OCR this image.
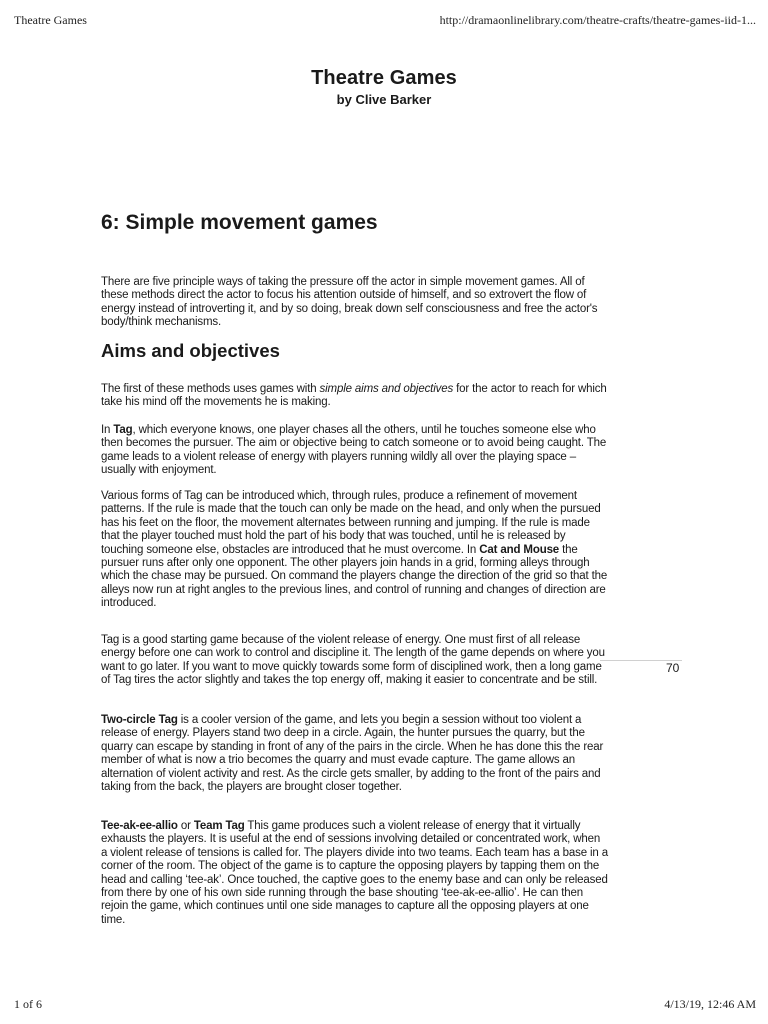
Theatre Games	http://dramaonlinelibrary.com/theatre-crafts/theatre-games-iid-1...
Theatre Games
by Clive Barker
6: Simple movement games

There are five principle ways of taking the pressure off the actor in simple movement games. All of these methods direct the actor to focus his attention outside of himself, and so extrovert the flow of energy instead of introverting it, and by so doing, break down self consciousness and free the actor's body/think mechanisms.

Aims and objectives

The first of these methods uses games with simple aims and objectives for the actor to reach for which take his mind off the movements he is making.

In Tag, which everyone knows, one player chases all the others, until he touches someone else who then becomes the pursuer. The aim or objective being to catch someone or to avoid being caught. The game leads to a violent release of energy with players running wildly all over the playing space – usually with enjoyment.

Various forms of Tag can be introduced which, through rules, produce a refinement of movement patterns. If the rule is made that the touch can only be made on the head, and only when the pursued has his feet on the floor, the movement alternates between running and jumping. If the rule is made that the player touched must hold the part of his body that was touched, until he is released by touching someone else, obstacles are introduced that he must overcome. In Cat and Mouse the pursuer runs after only one opponent. The other players join hands in a grid, forming alleys through which the chase may be pursued. On command the players change the direction of the grid so that the alleys now run at right angles to the previous lines, and control of running and changes of direction are introduced.

Tag is a good starting game because of the violent release of energy. One must first of all release energy before one can work to control and discipline it. The length of the game depends on where you want to go later. If you want to move quickly towards some form of disciplined work, then a long game of Tag tires the actor slightly and takes the top energy off, making it easier to concentrate and be still.

70

Two-circle Tag is a cooler version of the game, and lets you begin a session without too violent a release of energy. Players stand two deep in a circle. Again, the hunter pursues the quarry, but the quarry can escape by standing in front of any of the pairs in the circle. When he has done this the rear member of what is now a trio becomes the quarry and must evade capture. The game allows an alternation of violent activity and rest. As the circle gets smaller, by adding to the front of the pairs and taking from the back, the players are brought closer together.

Tee-ak-ee-allio or Team Tag This game produces such a violent release of energy that it virtually exhausts the players. It is useful at the end of sessions involving detailed or concentrated work, when a violent release of tensions is called for. The players divide into two teams. Each team has a base in a corner of the room. The object of the game is to capture the opposing players by tapping them on the head and calling ‘tee-ak’. Once touched, the captive goes to the enemy base and can only be released from there by one of his own side running through the base shouting ‘tee-ak-ee-allio’. He can then rejoin the game, which continues until one side manages to capture all the opposing players at one time.

1 of 6	4/13/19, 12:46 AM
